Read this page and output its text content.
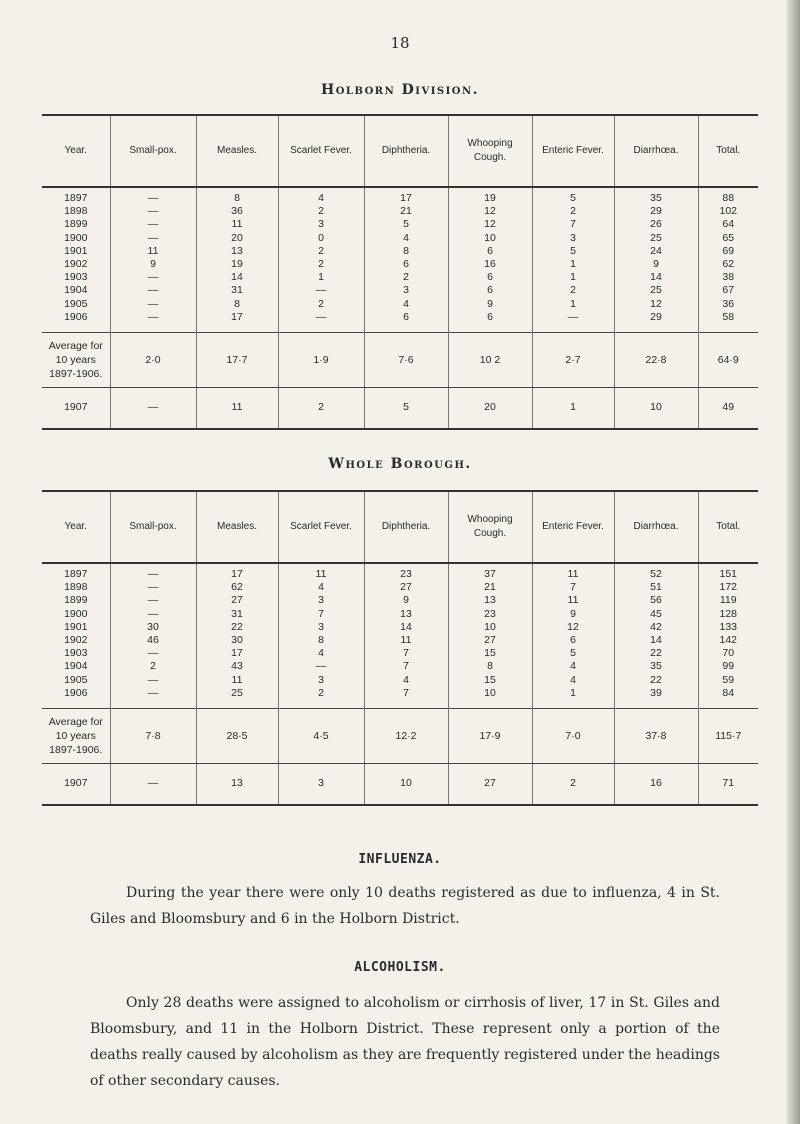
18
Holborn Division.
Year.	Small-pox.	Measles.	Scarlet Fever.	Diphtheria.	Whooping Cough.	Enteric Fever.	Diarrhœa.	Total.
1897	—	8	4	17	19	5	35	88
1898	—	36	2	21	12	2	29	102
1899	—	11	3	5	12	7	26	64
1900	—	20	0	4	10	3	25	65
1901	11	13	2	8	6	5	24	69
1902	9	19	2	6	16	1	9	62
1903	—	14	1	2	6	1	14	38
1904	—	31	—	3	6	2	25	67
1905	—	8	2	4	9	1	12	36
1906	—	17	—	6	6	—	29	58

Average for 10 years 1897-1906.	2·0	17·7	1·9	7·6	10 2	2·7	22·8	64·9
1907	—	11	2	5	20	1	10	49
Whole Borough.
Year.	Small-pox.	Measles.	Scarlet Fever.	Diphtheria.	Whooping Cough.	Enteric Fever.	Diarrhœa.	Total.
1897	—	17	11	23	37	11	52	151
1898	—	62	4	27	21	7	51	172
1899	—	27	3	9	13	11	56	119
1900	—	31	7	13	23	9	45	128
1901	30	22	3	14	10	12	42	133
1902	46	30	8	11	27	6	14	142
1903	—	17	4	7	15	5	22	70
1904	2	43	—	7	8	4	35	99
1905	—	11	3	4	15	4	22	59
1906	—	25	2	7	10	1	39	84

Average for 10 years 1897-1906.	7·8	28·5	4·5	12·2	17·9	7·0	37·8	115·7
1907	—	13	3	10	27	2	16	71
INFLUENZA.
During the year there were only 10 deaths registered as due to influenza, 4 in St. Giles and Bloomsbury and 6 in the Holborn District.
ALCOHOLISM.
Only 28 deaths were assigned to alcoholism or cirrhosis of liver, 17 in St. Giles and Bloomsbury, and 11 in the Holborn District. These represent only a portion of the deaths really caused by alcoholism as they are frequently registered under the headings of other secondary causes.
